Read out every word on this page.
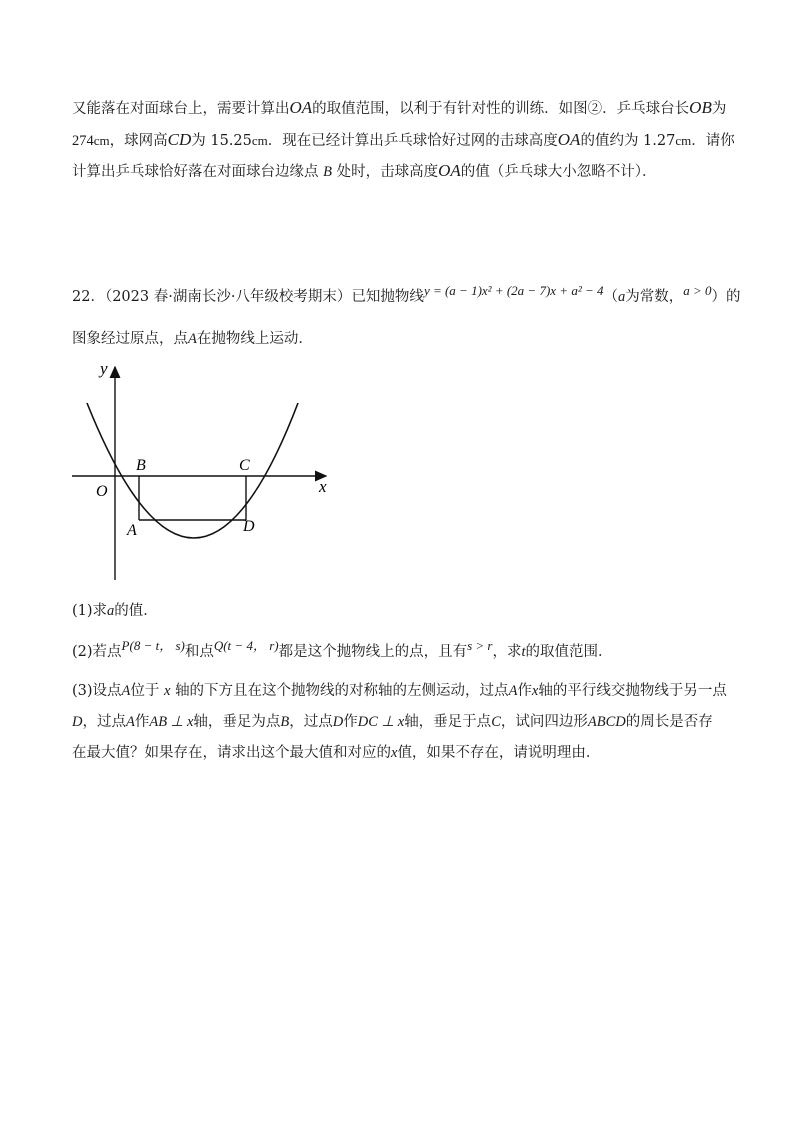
又能落在对面球台上，需要计算出OA的取值范围，以利于有针对性的训练．如图②．乒乓球台长OB为
274cm，球网高CD为 15.25cm．现在已经计算出乒乓球恰好过网的击球高度OA的值约为 1.27cm．请你
计算出乒乓球恰好落在对面球台边缘点 B 处时，击球高度OA的值（乒乓球大小忽略不计）．
22．（2023 春·湖南长沙·八年级校考期末）已知抛物线y = (a − 1)x² + (2a − 7)x + a² − 4（a为常数，a > 0）的
图象经过原点，点A在抛物线上运动．
y
x
O
B	C
A	D
(1)求a的值．
(2)若点P(8 − t， s)和点Q(t − 4， r)都是这个抛物线上的点，且有s > r，求t的取值范围．
(3)设点A位于 x 轴的下方且在这个抛物线的对称轴的左侧运动，过点A作x轴的平行线交抛物线于另一点
D，过点A作AB ⊥ x轴，垂足为点B，过点D作DC ⊥ x轴，垂足于点C，试问四边形ABCD的周长是否存
在最大值？如果存在，请求出这个最大值和对应的x值，如果不存在，请说明理由．
